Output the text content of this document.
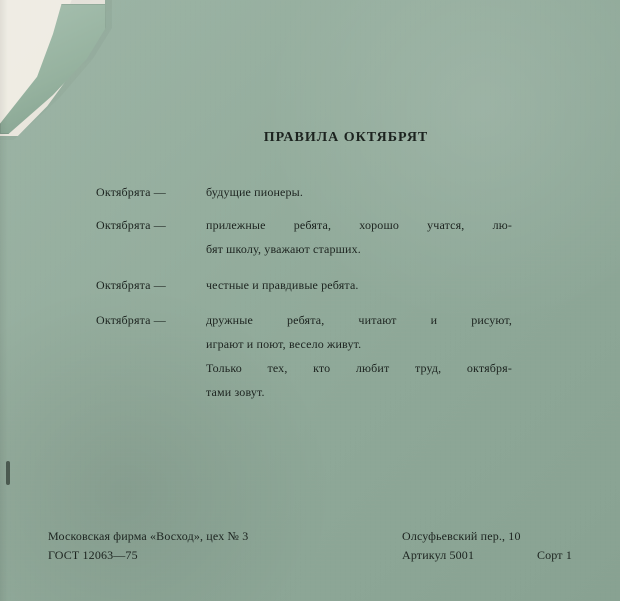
ПРАВИЛА ОКТЯБРЯТ
Октябрята —	будущие пионеры.
Октябрята —	прилежные ребята, хорошо учатся, лю-
бят школу, уважают старших.
Октябрята —	честные и правдивые ребята.
Октябрята —	дружные ребята, читают и рисуют,
играют и поют, весело живут.
Только тех, кто любит труд, октября-
тами зовут.
Московская фирма «Восход», цех № 3
ГОСТ 12063—75
Олсуфьевский пер., 10
Артикул 5001	Сорт 1
